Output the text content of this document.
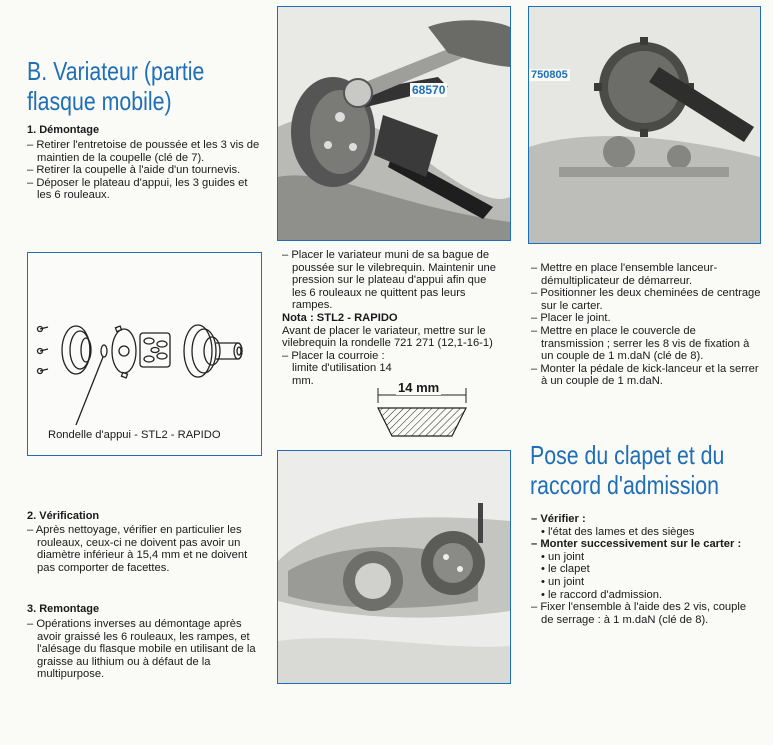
B. Variateur (partie flasque mobile)
1. Démontage

– Retirer l'entretoise de poussée et les 3 vis de maintien de la coupelle (clé de 7).

– Retirer la coupelle à l'aide d'un tournevis.

– Déposer le plateau d'appui, les 3 guides et les 6 rouleaux.

Rondelle d'appui - STL2 - RAPIDO
2. Vérification

– Après nettoyage, vérifier en particulier les rouleaux, ceux-ci ne doivent pas avoir un diamètre inférieur à 15,4 mm et ne doivent pas comporter de facettes.

3. Remontage

– Opérations inverses au démontage après avoir graissé les 6 rouleaux, les rampes, et l'alésage du flasque mobile en utilisant de la graisse au lithium ou à défaut de la multipurpose.

68570

– Placer le variateur muni de sa bague de poussée sur le vilebrequin. Maintenir une pression sur le plateau d'appui afin que les 6 rouleaux ne quittent pas leurs rampes.

Nota : STL2 - RAPIDO

Avant de placer le variateur, mettre sur le vilebrequin la rondelle 721 271 (12,1-16-1)

– Placer la courroie : limite d'utilisation 14 mm.	14 mm
750805

– Mettre en place l'ensemble lanceur-démultiplicateur de démarreur.

– Positionner les deux cheminées de centrage sur le carter.

– Placer le joint.

– Mettre en place le couvercle de transmission ; serrer les 8 vis de fixation à un couple de 1 m.daN (clé de 8).

– Monter la pédale de kick-lanceur et la serrer à un couple de 1 m.daN.

Pose du clapet et du raccord d'admission

– Vérifier :

• l'état des lames et des sièges

– Monter successivement sur le carter :

• un joint
• le clapet
• un joint
• le raccord d'admission.

– Fixer l'ensemble à l'aide des 2 vis, couple de serrage : à 1 m.daN (clé de 8).
